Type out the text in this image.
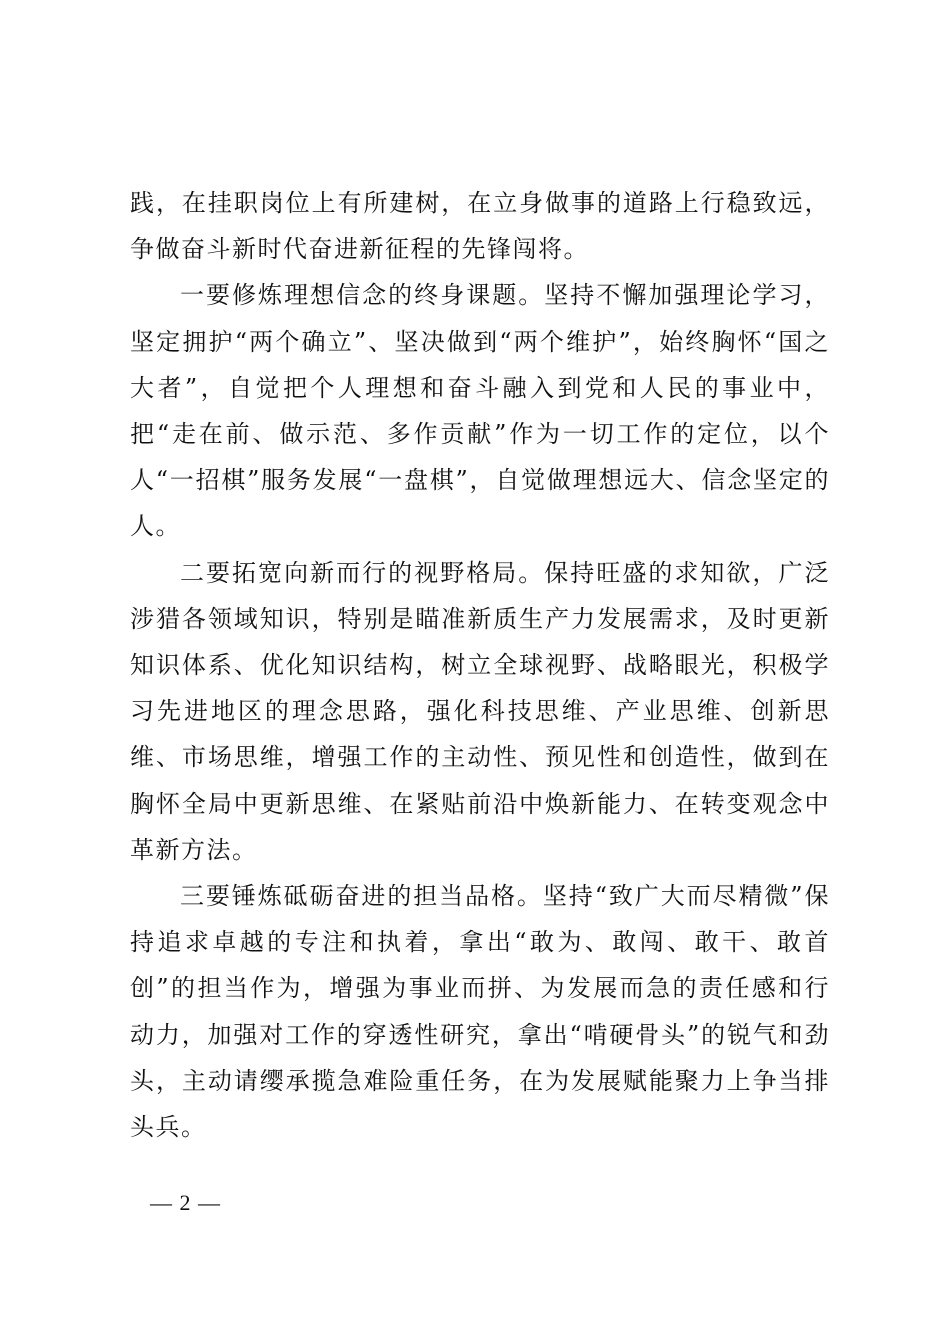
践，在挂职岗位上有所建树，在立身做事的道路上行稳致远，争做奋斗新时代奋进新征程的先锋闯将。

一要修炼理想信念的终身课题。坚持不懈加强理论学习，坚定拥护“两个确立”、坚决做到“两个维护”，始终胸怀“国之大者”，自觉把个人理想和奋斗融入到党和人民的事业中，把“走在前、做示范、多作贡献”作为一切工作的定位，以个人“一招棋”服务发展“一盘棋”，自觉做理想远大、信念坚定的人。

二要拓宽向新而行的视野格局。保持旺盛的求知欲，广泛涉猎各领域知识，特别是瞄准新质生产力发展需求，及时更新知识体系、优化知识结构，树立全球视野、战略眼光，积极学习先进地区的理念思路，强化科技思维、产业思维、创新思维、市场思维，增强工作的主动性、预见性和创造性，做到在胸怀全局中更新思维、在紧贴前沿中焕新能力、在转变观念中革新方法。

三要锤炼砥砺奋进的担当品格。坚持“致广大而尽精微”保持追求卓越的专注和执着，拿出“敢为、敢闯、敢干、敢首创”的担当作为，增强为事业而拼、为发展而急的责任感和行动力，加强对工作的穿透性研究，拿出“啃硬骨头”的锐气和劲头，主动请缨承揽急难险重任务，在为发展赋能聚力上争当排头兵。

— 2 —
